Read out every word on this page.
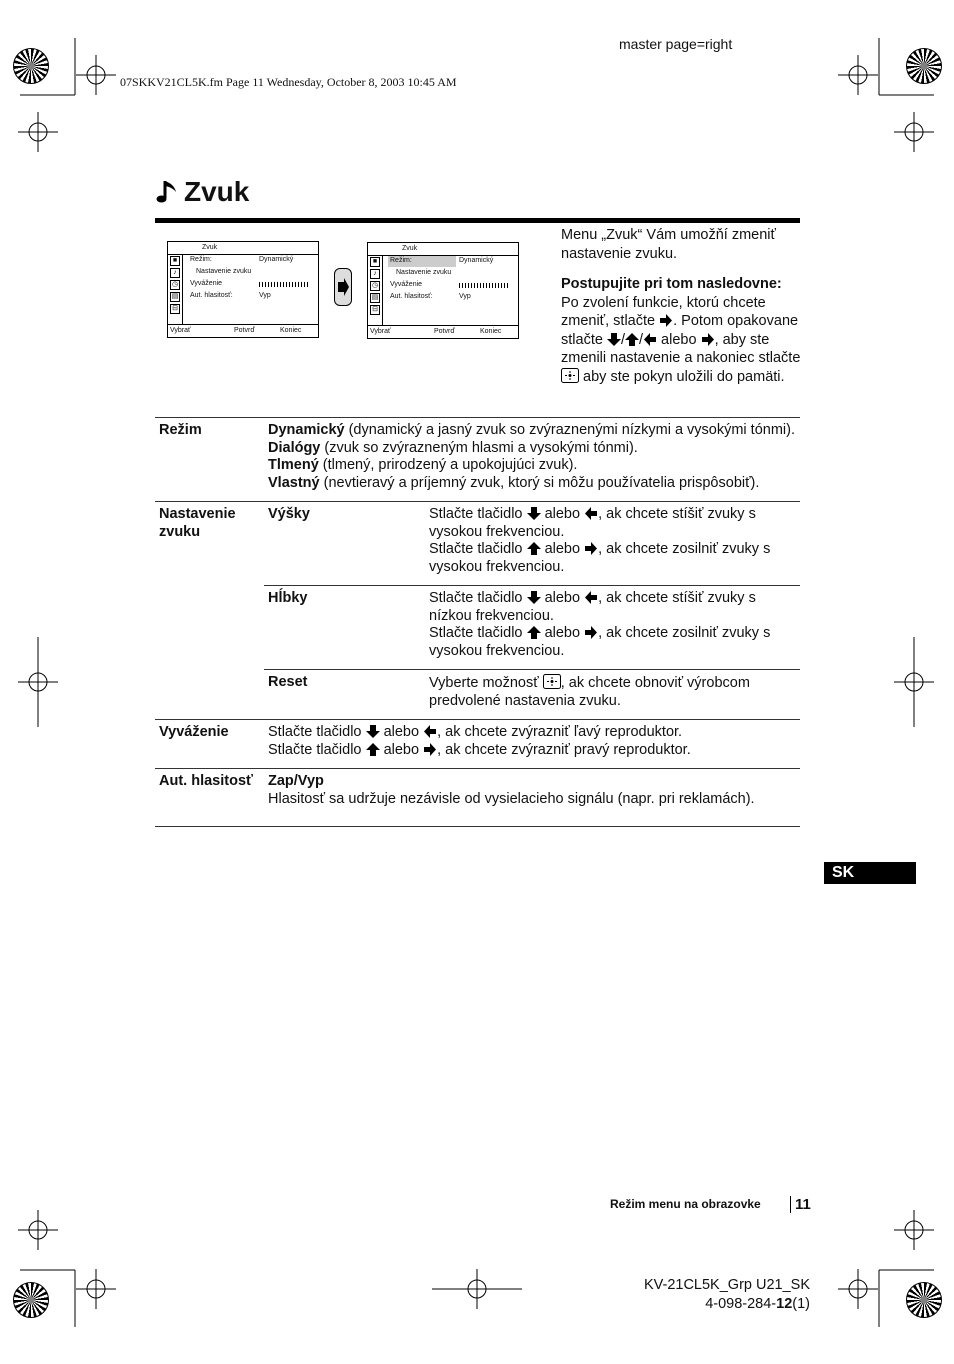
master page=right
07SKKV21CL5K.fm Page 11 Wednesday, October 8, 2003 10:45 AM
Zvuk
Zvuk
■
♪
◷
▤
⊟
Režim:	Dynamický
Nastavenie zvuku
Vyváženie
Aut. hlasitosť:	Vyp
Vybrať	Potvrď	Koniec
Zvuk
■
♪
◷
▤
⊟
Režim:	Dynamický
Nastavenie zvuku
Vyváženie
Aut. hlasitosť:	Vyp
Vybrať	Potvrď	Koniec

Menu „Zvuk“ Vám umožňí zmeniť nastavenie zvuku.

Postupujite pri tom nasledovne:
Po zvolení funkcie, ktorú chcete zmeniť, stlačte . Potom opakovane stlačte / / alebo , aby ste zmenili nastavenie a nakoniec stlačte  aby ste pokyn uložili do pamäti.

Režim	Dynamický (dynamický a jasný zvuk so zvýraznenými nízkymi a vysokými tónmi).
Dialógy (zvuk so zvýrazneným hlasmi a vysokými tónmi).
Tlmený (tlmený, prirodzený a upokojujúci zvuk).
Vlastný (nevtieravý a príjemný zvuk, ktorý si môžu používatelia prispôsobiť).	
Nastavenie zvuku	Výšky	Stlačte tlačidlo alebo , ak chcete stíšiť zvuky s vysokou frekvenciou.
Stlačte tlačidlo alebo , ak chcete zosilniť zvuky s vysokou frekvenciou.
	Hĺbky	Stlačte tlačidlo alebo , ak chcete stíšiť zvuky s nízkou frekvenciou.
Stlačte tlačidlo alebo , ak chcete zosilniť zvuky s vysokou frekvenciou.
	Reset	Vyberte možnosť , ak chcete obnoviť výrobcom predvolené nastavenia zvuku.
Vyváženie	Stlačte tlačidlo alebo , ak chcete zvýrazniť ľavý reproduktor.
Stlačte tlačidlo alebo , ak chcete zvýrazniť pravý reproduktor.	
Aut. hlasitosť	Zap/Vyp
Hlasitosť sa udržuje nezávisle od vysielacieho signálu (napr. pri reklamách).	
SK
Režim menu na obrazovke	11
KV-21CL5K_Grp U21_SK
4-098-284-12(1)
